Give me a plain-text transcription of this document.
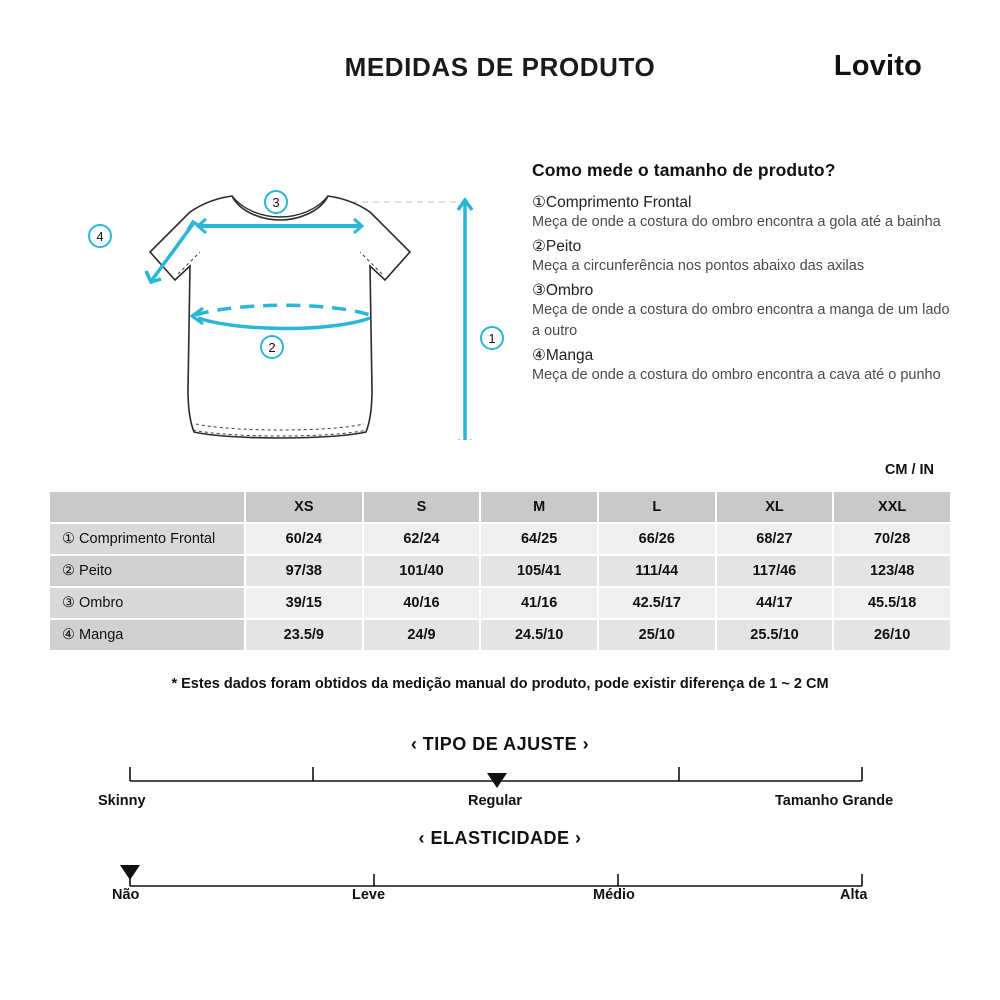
MEDIDAS DE PRODUTO	Lovito
3
2
4
1
Como mede o tamanho de produto?
①Comprimento Frontal
Meça de onde a costura do ombro encontra a gola até a bainha
②Peito
Meça a circunferência nos pontos abaixo das axilas
③Ombro
Meça de onde a costura do ombro encontra a manga de um lado a outro
④Manga
Meça de onde a costura do ombro encontra a cava até o punho
CM / IN
	XS	S	M	L	XL	XXL
① Comprimento Frontal	60/24	62/24	64/25	66/26	68/27	70/28
② Peito	97/38	101/40	105/41	111/44	117/46	123/48
③ Ombro	39/15	40/16	41/16	42.5/17	44/17	45.5/18
④ Manga	23.5/9	24/9	24.5/10	25/10	25.5/10	26/10
* Estes dados foram obtidos da medição manual do produto, pode existir diferença de 1 ~ 2 CM
‹ TIPO DE AJUSTE ›
Skinny	Regular	Tamanho Grande
‹ ELASTICIDADE ›
Não	Leve	Médio	Alta
